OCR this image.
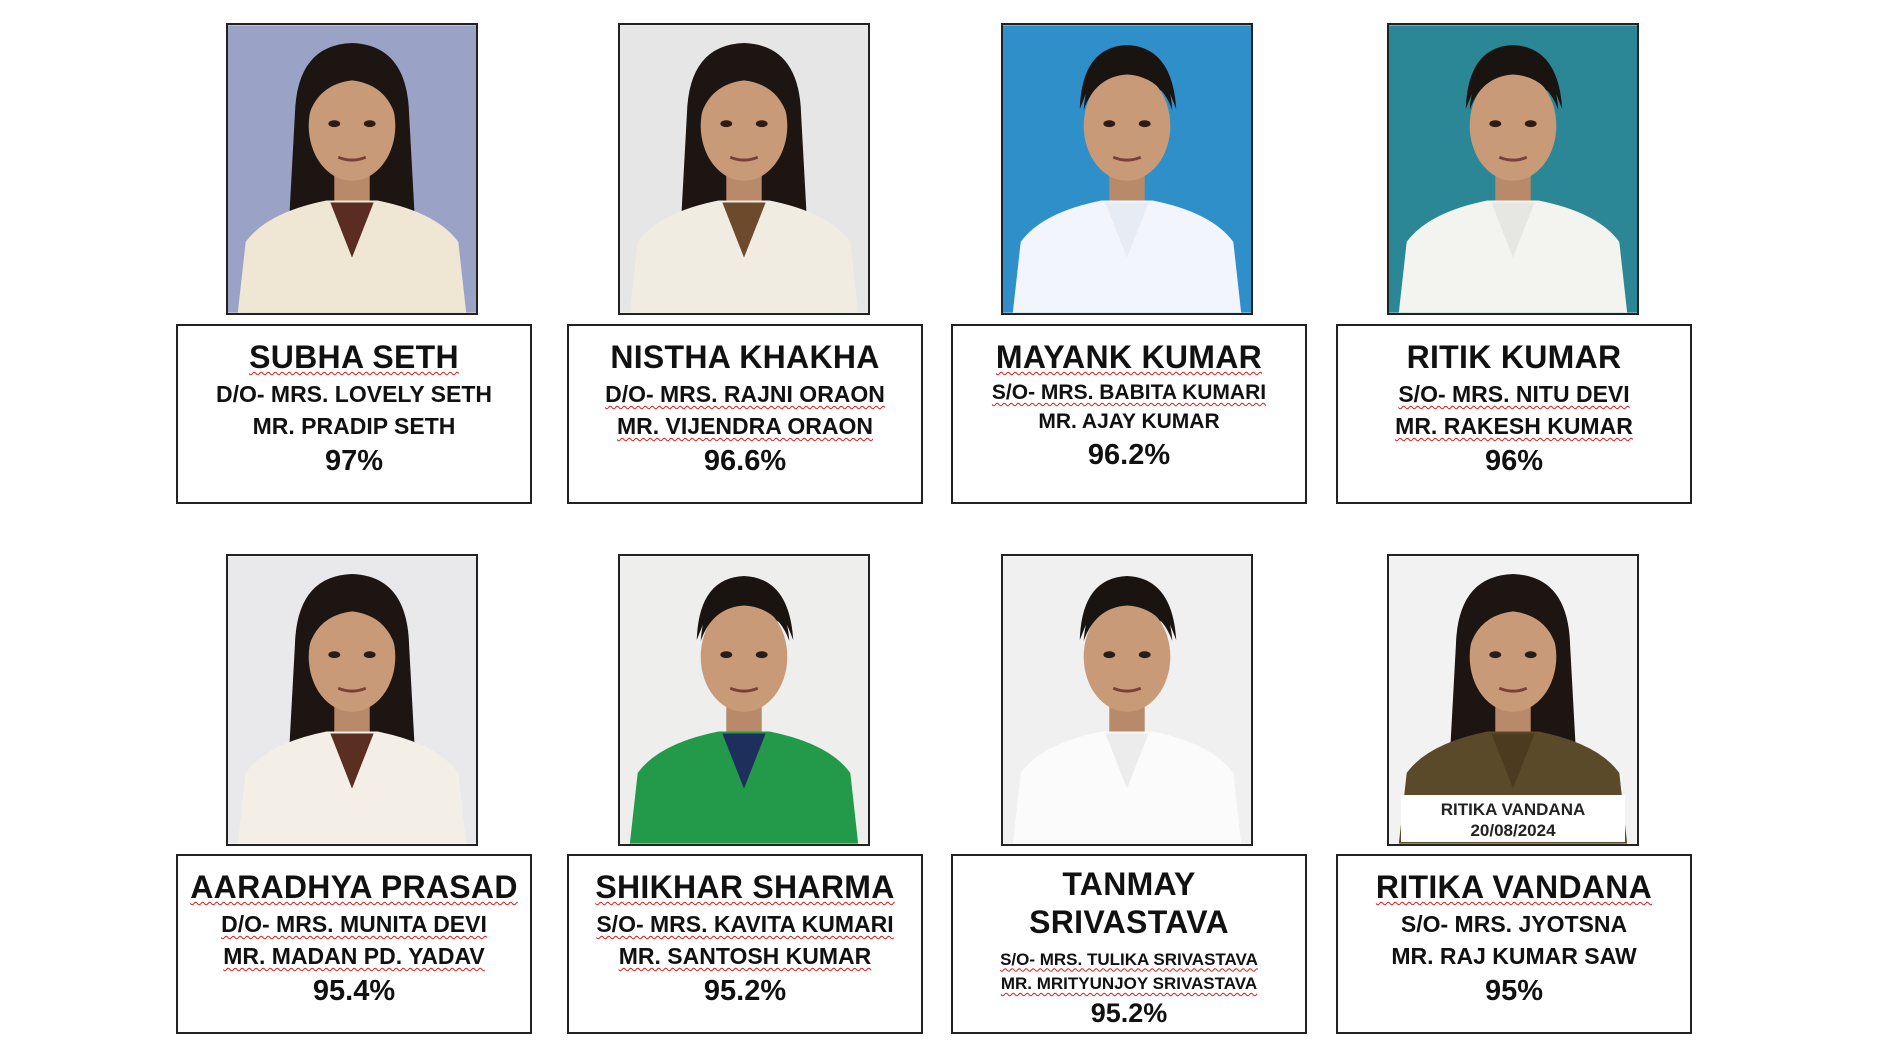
SUBHA SETH
D/O- MRS. LOVELY SETH
MR. PRADIP SETH
97%
NISTHA KHAKHA
D/O- MRS. RAJNI ORAON
MR. VIJENDRA ORAON
96.6%
MAYANK KUMAR
S/O- MRS. BABITA KUMARI
MR. AJAY KUMAR
96.2%
RITIK KUMAR
S/O- MRS. NITU DEVI
MR. RAKESH KUMAR
96%
RITIKA VANDANA
20/08/2024
AARADHYA PRASAD
D/O- MRS. MUNITA DEVI
MR. MADAN PD. YADAV
95.4%
SHIKHAR SHARMA
S/O- MRS. KAVITA KUMARI
MR. SANTOSH KUMAR
95.2%
TANMAY SRIVASTAVA
S/O- MRS. TULIKA SRIVASTAVA
MR. MRITYUNJOY SRIVASTAVA
95.2%
RITIKA VANDANA
S/O- MRS. JYOTSNA
MR. RAJ KUMAR SAW
95%
